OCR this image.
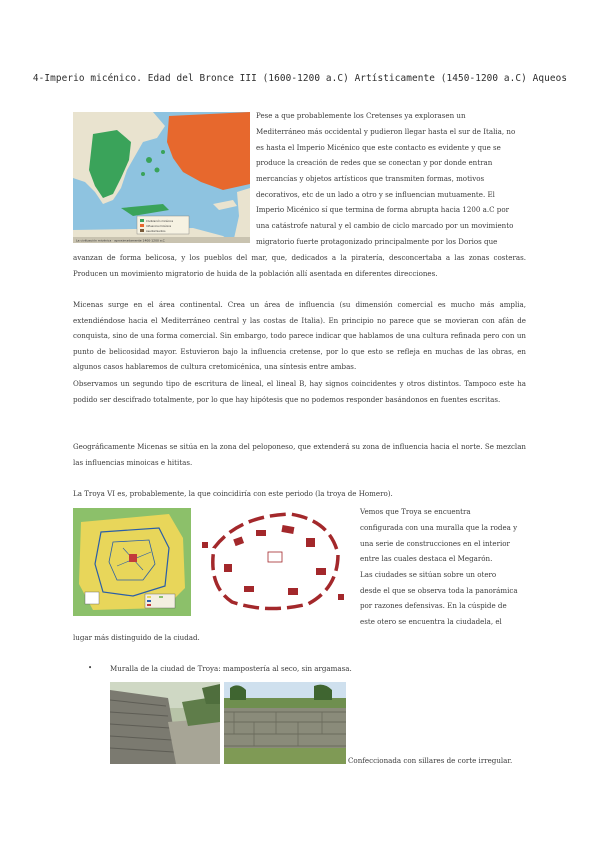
4-Imperio micénico. Edad del Bronce III (1600-1200 a.C) Artísticamente (1450-1200 a.C) Aqueos
Civilización micénica
Influencia micénica
Asentamientos
La civilización micénica · aproximadamente 1400-1200 a.C
Pese a que probablemente los Cretenses ya explorasen un
Mediterráneo más occidental y pudieron llegar hasta el sur de Italia, no
es hasta el Imperio Micénico que este contacto es evidente y que se
produce la creación de redes que se conectan y por donde entran
mercancías y objetos artísticos que transmiten formas, motivos
decorativos, etc de un lado a otro y se influencian mutuamente. El
Imperio Micénico sí que termina de forma abrupta hacia 1200 a.C por
una catástrofe natural y el cambio de ciclo marcado por un movimiento
migratorio fuerte protagonizado principalmente por los Dorios que
avanzan de forma belicosa, y los pueblos del mar, que, dedicados a la piratería, desconcertaba a las zonas costeras. Producen un movimiento migratorio de huida de la población allí asentada en diferentes direcciones.
Micenas surge en el área continental. Crea un área de influencia (su dimensión comercial es mucho más amplia, extendiéndose hacia el Mediterráneo central y las costas de Italia). En principio no parece que se movieran con afán de conquista, sino de una forma comercial. Sin embargo, todo parece indicar que hablamos de una cultura refinada pero con un punto de belicosidad mayor. Estuvieron bajo la influencia cretense, por lo que esto se refleja en muchas de las obras, en algunos casos hablaremos de cultura cretomicénica, una síntesis entre ambas.
Observamos un segundo tipo de escritura de lineal, el lineal B, hay signos coincidentes y otros distintos. Tampoco este ha podido ser descifrado totalmente, por lo que hay hipótesis que no podemos responder basándonos en fuentes escritas.
Geográficamente Micenas se sitúa en la zona del peloponeso, que extenderá su zona de influencia hacia el norte. Se mezclan las influencias minoicas e hititas.
La Troya VI es, probablemente, la que coincidiría con este periodo (la troya de Homero).
Vemos que Troya se encuentra
configurada con una muralla que la rodea y
una serie de construcciones en el interior
entre las cuales destaca el Megarón.
Las ciudades se sitúan sobre un otero
desde el que se observa toda la panorámica
por razones defensivas. En la cúspide de
este otero se encuentra la ciudadela, el
lugar más distinguido de la ciudad.
•	Muralla de la ciudad de Troya: mampostería al seco, sin argamasa.
Confeccionada con sillares de corte irregular.
